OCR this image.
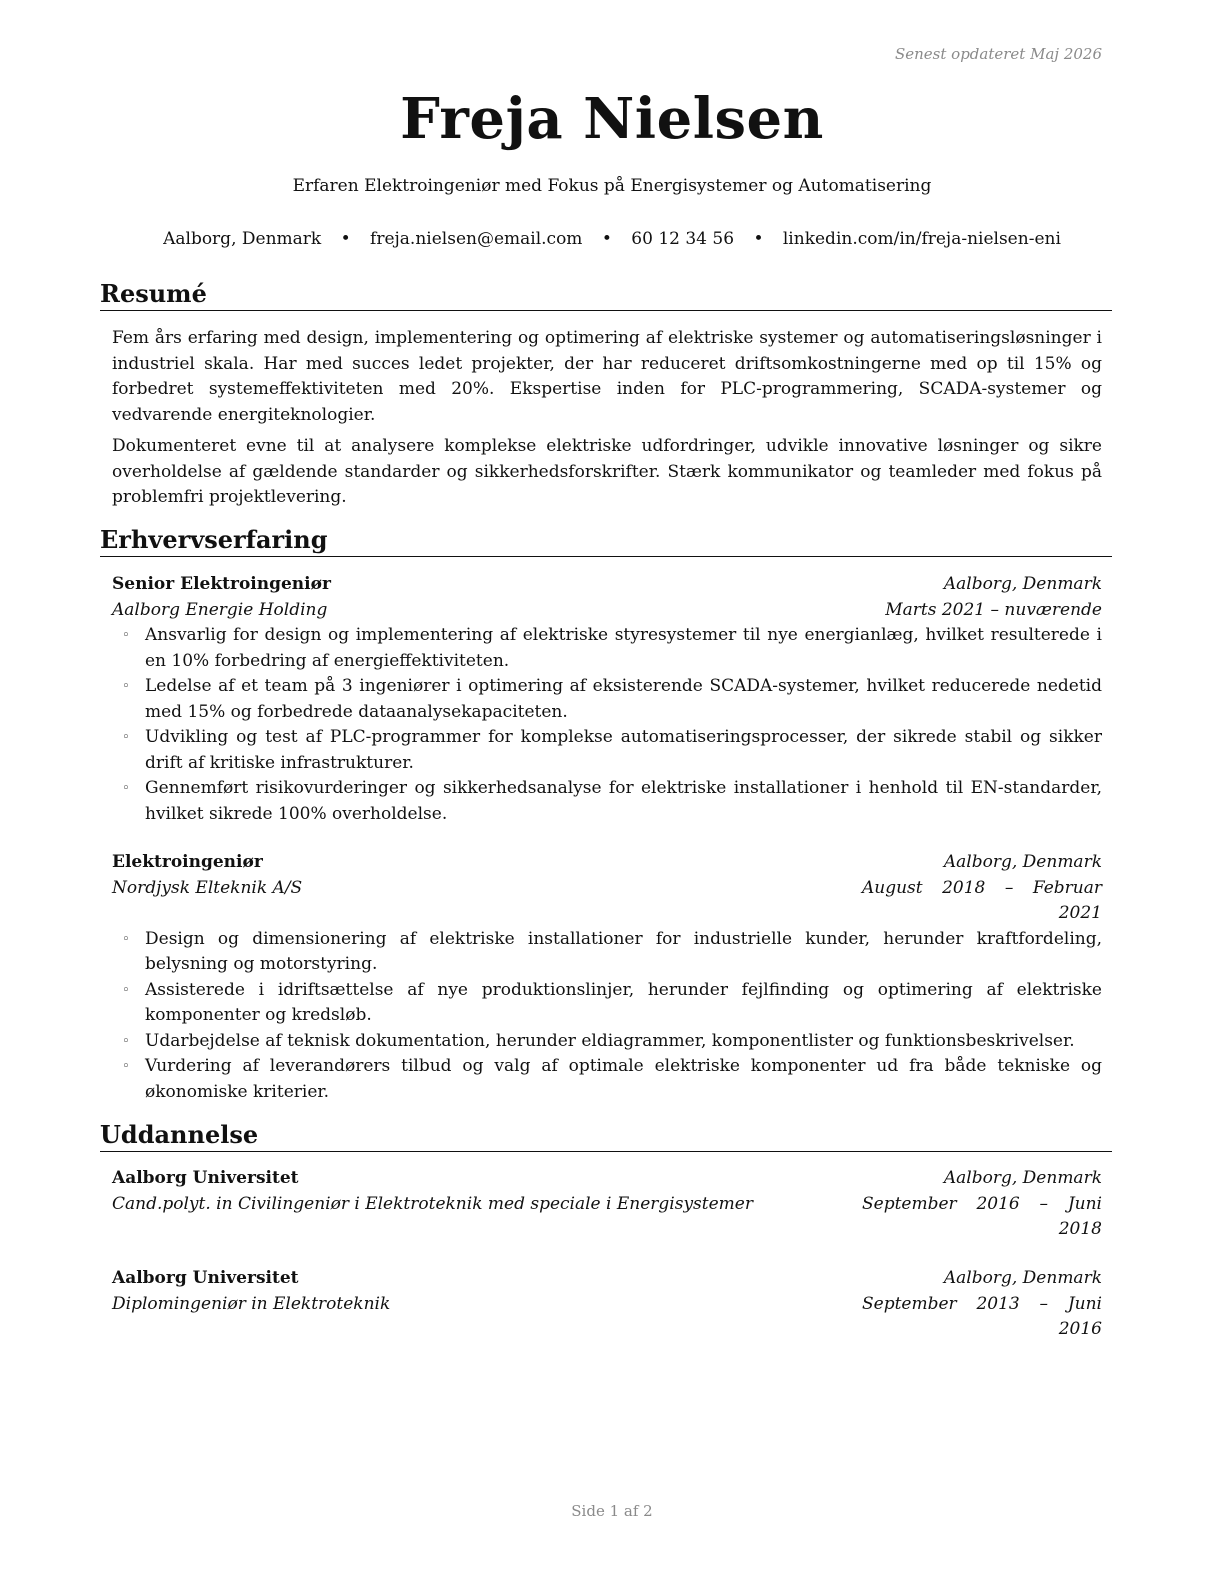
Senest opdateret Maj 2026
Freja Nielsen
Erfaren Elektroingeniør med Fokus på Energisystemer og Automatisering
Aalborg, Denmark • freja.nielsen@email.com • 60 12 34 56 • linkedin.com/in/freja-nielsen-eni
Resumé

Fem års erfaring med design, implementering og optimering af elektriske systemer og automatiseringsløsninger i industriel skala. Har med succes ledet projekter, der har reduceret driftsomkostningerne med op til 15% og forbedret systemeffektiviteten med 20%. Ekspertise inden for PLC-programmering, SCADA-systemer og vedvarende energiteknologier.

Dokumenteret evne til at analysere komplekse elektriske udfordringer, udvikle innovative løsninger og sikre overholdelse af gældende standarder og sikkerhedsforskrifter. Stærk kommunikator og teamleder med fokus på problemfri projektlevering.

Erhvervserfaring
Senior Elektroingeniør	Aalborg, Denmark
Aalborg Energie Holding	Marts 2021 – nuværende
◦ Ansvarlig for design og implementering af elektriske styresystemer til nye energianlæg, hvilket resulterede i en 10% forbedring af energieffektiviteten.
◦ Ledelse af et team på 3 ingeniører i optimering af eksisterende SCADA-systemer, hvilket reducerede nedetid med 15% og forbedrede dataanalysekapaciteten.
◦ Udvikling og test af PLC-programmer for komplekse automatiseringsprocesser, der sikrede stabil og sikker drift af kritiske infrastrukturer.
◦ Gennemført risikovurderinger og sikkerhedsanalyse for elektriske installationer i henhold til EN-standarder, hvilket sikrede 100% overholdelse.
Elektroingeniør	Aalborg, Denmark
Nordjysk Elteknik A/S	August 2018 – Februar 2021
◦ Design og dimensionering af elektriske installationer for industrielle kunder, herunder kraftfordeling, belysning og motorstyring.
◦ Assisterede i idriftsættelse af nye produktionslinjer, herunder fejlfinding og optimering af elektriske komponenter og kredsløb.
◦ Udarbejdelse af teknisk dokumentation, herunder eldiagrammer, komponentlister og funktionsbeskrivelser.
◦ Vurdering af leverandørers tilbud og valg af optimale elektriske komponenter ud fra både tekniske og økonomiske kriterier.
Uddannelse
Aalborg Universitet	Aalborg, Denmark
Cand.polyt. in Civilingeniør i Elektroteknik med speciale i Energisystemer	September 2016 – Juni 2018
Aalborg Universitet	Aalborg, Denmark
Diplomingeniør in Elektroteknik	September 2013 – Juni 2016
Side 1 af 2
